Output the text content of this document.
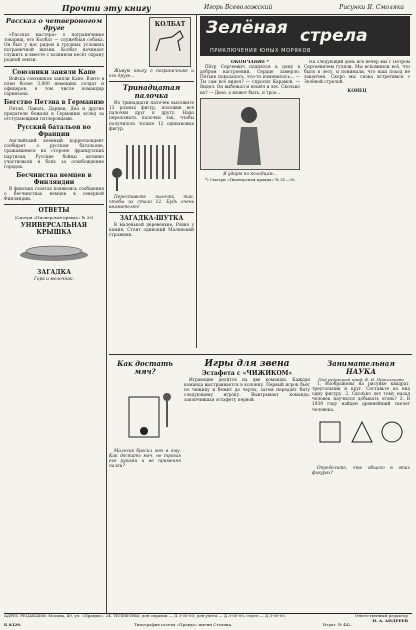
Прочти эту книгу	Игорь Всеволожский	Рисунки Я. Смоляка
Рассказ о четвероногом друге

«Рассказ мастера» о пограничнике товарищ, его Колбат — служебная собака. Он был у нас рядом в трудных условиях пограничной жизни. Колбат начинает служить и вместе с хозяином несёт охрану родной земли.

Союзники заняли Капе

Войска союзников заняли Капе. Взято в плен более 3.000 немецких солдат и офицеров, в том числе командир гарнизона.

Бегство Петэна в Германию

Петэн, Лаваль, Дарнан, Деа и другие предатели бежали в Германию вслед за отступающими гитлеровцами.

Русский батальон во Франции

Английский военный корреспондент сообщает о русском батальоне, сражавшемся на стороне французских партизан. Русские бойцы активно участвовали в боях за освобождение городов.

Бесчинства немцев в Финляндии

В финских газетах появились сообщения о бесчинствах немцев в северной Финляндии.

ОТВЕТЫ
(Смотри «Пионерская правда» № 39)
УНИВЕРСАЛЬНАЯ КРЫШКА
ЗАГАДКА
Гора и молочник.
КОЛБАТ

Живую книгу о пограничнике и его друге...

Тринадцатая палочка

Из тринадцати палочек выложите 13 разных фигур, положив все палочки друг к другу. Надо переложить палочки так, чтобы получилось только 12 одинаковых фигур.

Переставьте палочки так, чтобы их стало 12. Будь очень внимателен!

ЗАГАДКА-ШУТКА

В маленькой деревеньке, Ровно у камня, Стоит одинокий Маленький стражник.

Зелёная стрела
ПРИКЛЮЧЕНИЯ ЮНЫХ МОРЯКОВ
ОКОНЧАНИЕ *

Пётр Сергеевич поднялся к дому в добром настроении. Сердце замерло. Петьке показалось, что-то изменилось... — Ты сам всё видел? — спросил Карамов. — Видел. Он выбежал и пошёл в лес. Сколько их? — Двое, а может быть, и трое...

Я ударю по колодцам...

*) Смотри «Пионерская правда» № 31—39.

На следующий день всё вечер мы с Петром Сергеевичем гуляли. Мы вспомнили всё, что было в лесу, и понимали, что наш поход не закончен. Скоро мы снова встретимся с Зелёной стрелой.

КОНЕЦ
Как достать мяч?

Мальчик бросил мяч в яму. Как достать мяч, не трогая его руками и не применяя палки?

Игры для звена
Эстафета с «ЧИЖИКОМ»

Играющие делятся на две команды. Каждая команда выстраивается в колонну. Первый игрок бьёт по чижику и бежит до черты, затем передаёт биту следующему игроку. Выигрывает команда, закончившая эстафету первой.

Занимательная НАУКА
Под редакцией проф. В. И. Пришлецова

1. Изображены на рисунке квадрат, треугольник и круг. Составьте из них одну фигуру. 2. Сколько лет тому назад человек научился добывать огонь? 3. В 1939 году найден древнейший скелет человека.

Определите, что общего в этих фигурах?

АДРЕС РЕДАКЦИИ: Москва, 49, ул. «Правды», 24. ТЕЛЕФОНЫ: для справок — Д 3-05-00; для учёта — Д 3-00-00, отдел — Д 3-00-00.	Ответственный редактор
Н. А. АНДРЕЕВ
Б 8329.	Типография газеты «Правда» имени Сталина.	Издат. № 442.
